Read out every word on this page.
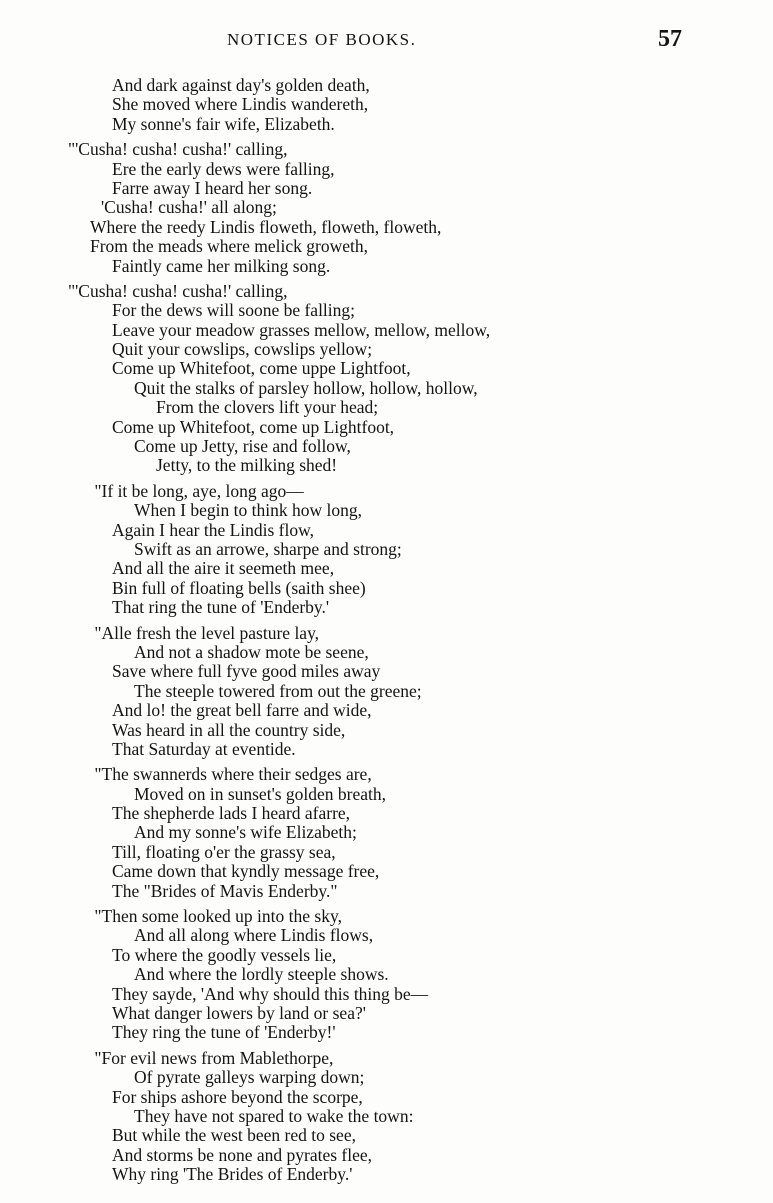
NOTICES OF BOOKS.	57
And dark against day's golden death,
She moved where Lindis wandereth,
My sonne's fair wife, Elizabeth.
"'Cusha! cusha! cusha!' calling,
Ere the early dews were falling,
Farre away I heard her song.
'Cusha! cusha!' all along;
Where the reedy Lindis floweth, floweth, floweth,
From the meads where melick groweth,
Faintly came her milking song.
"'Cusha! cusha! cusha!' calling,
For the dews will soone be falling;
Leave your meadow grasses mellow, mellow, mellow,
Quit your cowslips, cowslips yellow;
Come up Whitefoot, come uppe Lightfoot,
Quit the stalks of parsley hollow, hollow, hollow,
From the clovers lift your head;
Come up Whitefoot, come up Lightfoot,
Come up Jetty, rise and follow,
Jetty, to the milking shed!
"If it be long, aye, long ago—
When I begin to think how long,
Again I hear the Lindis flow,
Swift as an arrowe, sharpe and strong;
And all the aire it seemeth mee,
Bin full of floating bells (saith shee)
That ring the tune of 'Enderby.'
"Alle fresh the level pasture lay,
And not a shadow mote be seene,
Save where full fyve good miles away
The steeple towered from out the greene;
And lo! the great bell farre and wide,
Was heard in all the country side,
That Saturday at eventide.
"The swannerds where their sedges are,
Moved on in sunset's golden breath,
The shepherde lads I heard afarre,
And my sonne's wife Elizabeth;
Till, floating o'er the grassy sea,
Came down that kyndly message free,
The "Brides of Mavis Enderby."
"Then some looked up into the sky,
And all along where Lindis flows,
To where the goodly vessels lie,
And where the lordly steeple shows.
They sayde, 'And why should this thing be—
What danger lowers by land or sea?'
They ring the tune of 'Enderby!'
"For evil news from Mablethorpe,
Of pyrate galleys warping down;
For ships ashore beyond the scorpe,
They have not spared to wake the town:
But while the west been red to see,
And storms be none and pyrates flee,
Why ring 'The Brides of Enderby.'
